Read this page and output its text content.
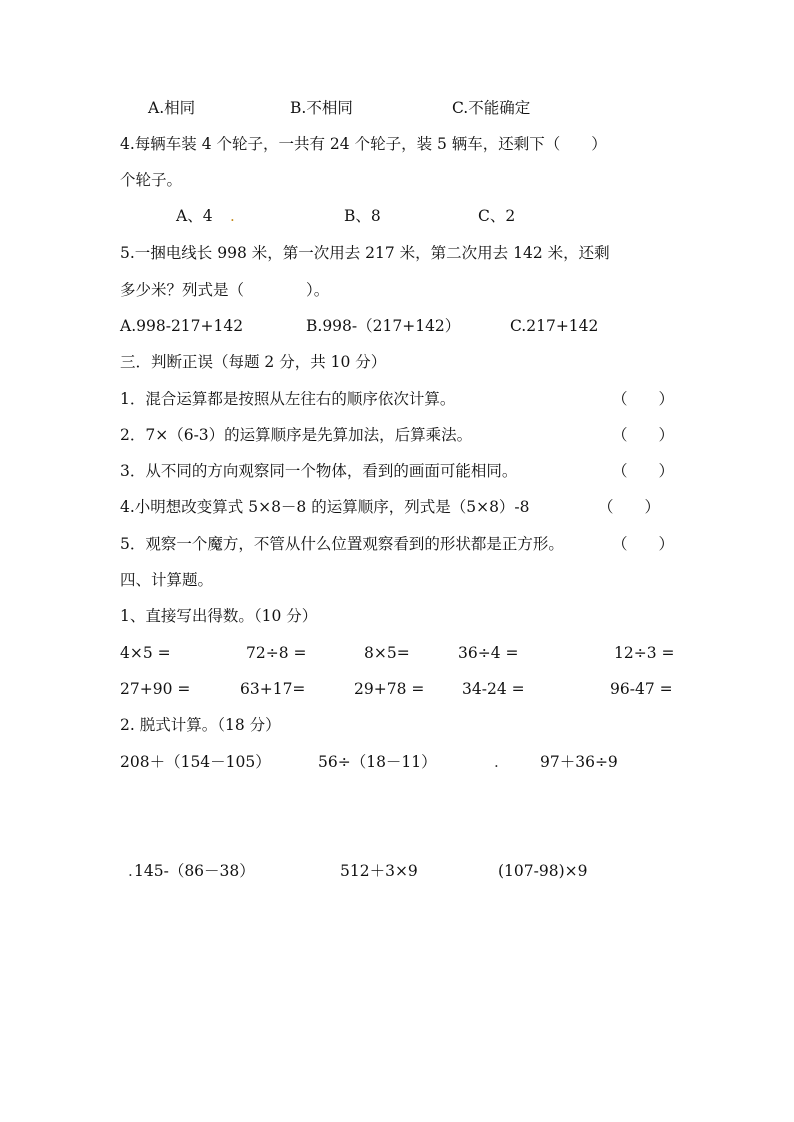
A.相同	B.不相同	C.不能确定
4.每辆车装 4 个轮子，一共有 24 个轮子，装 5 辆车，还剩下（　　）
个轮子。
A、4 .	B、8	C、2
5.一捆电线长 998 米，第一次用去 217 米，第二次用去 142 米，还剩
多少米？列式是（　　　　）。
A.998-217+142	B.998-（217+142）	C.217+142
三．判断正误（每题 2 分，共 10 分）
1．混合运算都是按照从左往右的顺序依次计算。	（　　）
2．7×（6-3）的运算顺序是先算加法，后算乘法。	（　　）
3．从不同的方向观察同一个物体，看到的画面可能相同。	（　　）
4.小明想改变算式 5×8－8 的运算顺序，列式是（5×8）-8	（　　）
5．观察一个魔方，不管从什么位置观察看到的形状都是正方形。	（　　）
四、计算题。
1、直接写出得数。（10 分）
4×5 =	72÷8 =	8×5=	36÷4 =	12÷3 =
27+90 =	63+17=	29+78 = 34-24 =	96-47 =
2. 脱式计算。（18 分）
208＋（154－105）	56÷（18－11）	.	97＋36÷9
. 145-（86－38）	512＋3×9	(107-98)×9
